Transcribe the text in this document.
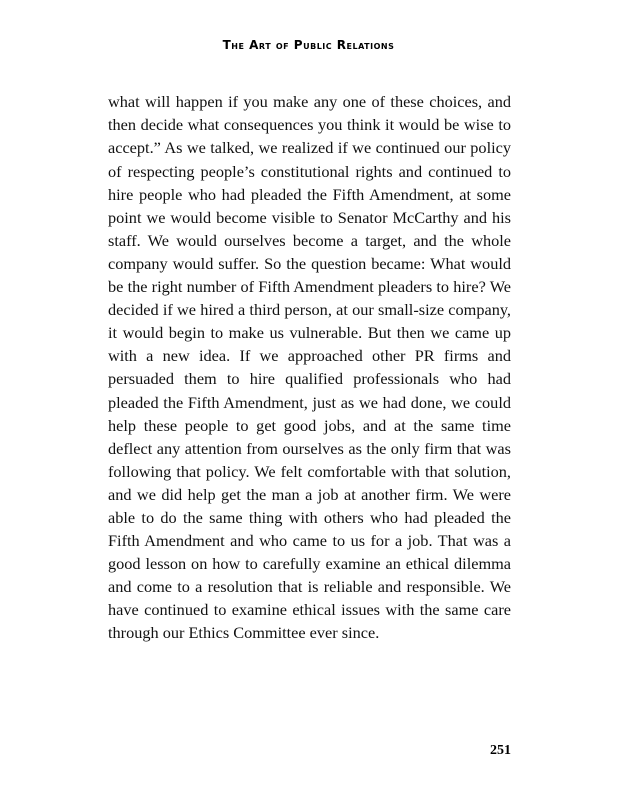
The Art of Public Relations

what will happen if you make any one of these choices, and then decide what consequences you think it would be wise to accept.” As we talked, we realized if we continued our policy of respecting people’s constitutional rights and continued to hire people who had pleaded the Fifth Amendment, at some point we would become visible to Senator McCarthy and his staff. We would ourselves become a target, and the whole company would suffer. So the question became: What would be the right number of Fifth Amendment pleaders to hire? We decided if we hired a third person, at our small-size company, it would begin to make us vulnerable. But then we came up with a new idea. If we approached other PR firms and persuaded them to hire qualified professionals who had pleaded the Fifth Amendment, just as we had done, we could help these people to get good jobs, and at the same time deflect any attention from ourselves as the only firm that was following that policy. We felt comfortable with that solution, and we did help get the man a job at another firm. We were able to do the same thing with others who had pleaded the Fifth Amendment and who came to us for a job. That was a good lesson on how to carefully examine an ethical dilemma and come to a resolution that is reliable and responsible. We have continued to examine ethical issues with the same care through our Ethics Committee ever since.

251
